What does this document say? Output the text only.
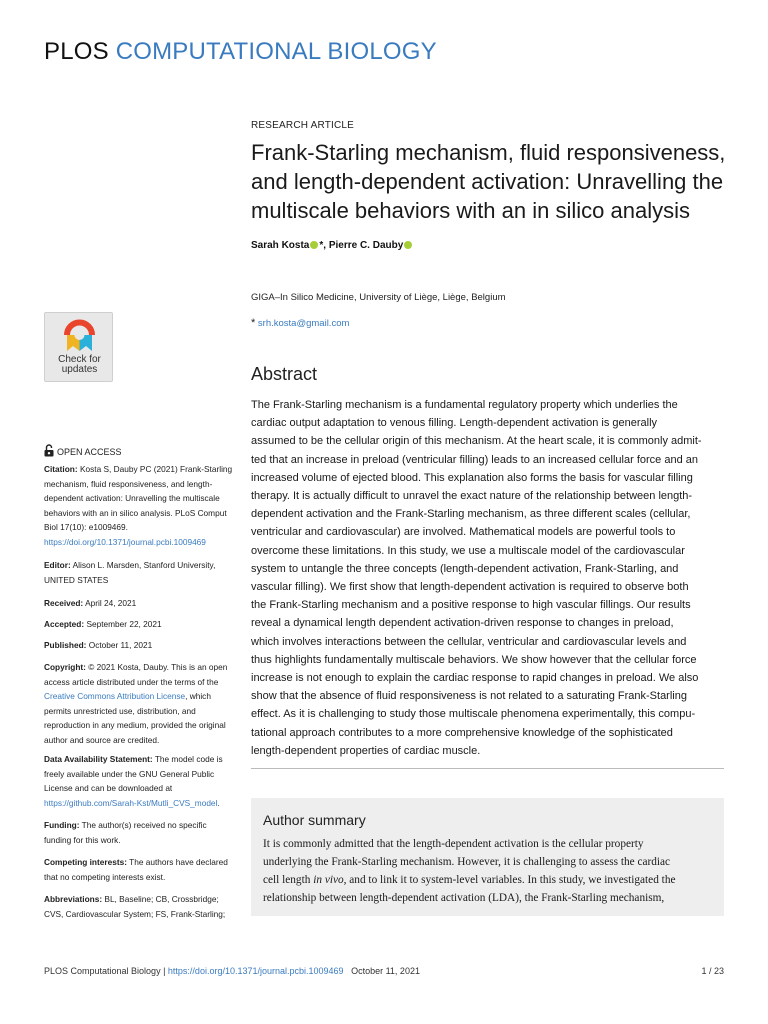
PLOS COMPUTATIONAL BIOLOGY
RESEARCH ARTICLE
Frank-Starling mechanism, fluid responsiveness, and length-dependent activation: Unravelling the multiscale behaviors with an in silico analysis
Sarah Kosta *, Pierre C. Dauby
GIGA–In Silico Medicine, University of Liège, Liège, Belgium
* srh.kosta@gmail.com
Abstract
The Frank-Starling mechanism is a fundamental regulatory property which underlies the
cardiac output adaptation to venous filling. Length-dependent activation is generally
assumed to be the cellular origin of this mechanism. At the heart scale, it is commonly admit-
ted that an increase in preload (ventricular filling) leads to an increased cellular force and an
increased volume of ejected blood. This explanation also forms the basis for vascular filling
therapy. It is actually difficult to unravel the exact nature of the relationship between length-
dependent activation and the Frank-Starling mechanism, as three different scales (cellular,
ventricular and cardiovascular) are involved. Mathematical models are powerful tools to
overcome these limitations. In this study, we use a multiscale model of the cardiovascular
system to untangle the three concepts (length-dependent activation, Frank-Starling, and
vascular filling). We first show that length-dependent activation is required to observe both
the Frank-Starling mechanism and a positive response to high vascular fillings. Our results
reveal a dynamical length dependent activation-driven response to changes in preload,
which involves interactions between the cellular, ventricular and cardiovascular levels and
thus highlights fundamentally multiscale behaviors. We show however that the cellular force
increase is not enough to explain the cardiac response to rapid changes in preload. We also
show that the absence of fluid responsiveness is not related to a saturating Frank-Starling
effect. As it is challenging to study those multiscale phenomena experimentally, this compu-
tational approach contributes to a more comprehensive knowledge of the sophisticated
length-dependent properties of cardiac muscle.
Author summary
It is commonly admitted that the length-dependent activation is the cellular property
underlying the Frank-Starling mechanism. However, it is challenging to assess the cardiac
cell length in vivo, and to link it to system-level variables. In this study, we investigated the
relationship between length-dependent activation (LDA), the Frank-Starling mechanism,
Check for
updates
OPEN ACCESS
Citation: Kosta S, Dauby PC (2021) Frank-Starling mechanism, fluid responsiveness, and length-dependent activation: Unravelling the multiscale behaviors with an in silico analysis. PLoS Comput Biol 17(10): e1009469. https://doi.org/10.1371/journal.pcbi.1009469
Editor: Alison L. Marsden, Stanford University, UNITED STATES
Received: April 24, 2021
Accepted: September 22, 2021
Published: October 11, 2021
Copyright: © 2021 Kosta, Dauby. This is an open access article distributed under the terms of the Creative Commons Attribution License, which permits unrestricted use, distribution, and reproduction in any medium, provided the original author and source are credited.
Data Availability Statement: The model code is freely available under the GNU General Public License and can be downloaded at https://github.com/Sarah-Kst/Mutli_CVS_model.
Funding: The author(s) received no specific funding for this work.
Competing interests: The authors have declared that no competing interests exist.
Abbreviations: BL, Baseline; CB, Crossbridge; CVS, Cardiovascular System; FS, Frank-Starling;
PLOS Computational Biology | https://doi.org/10.1371/journal.pcbi.1009469 October 11, 2021	1 / 23
